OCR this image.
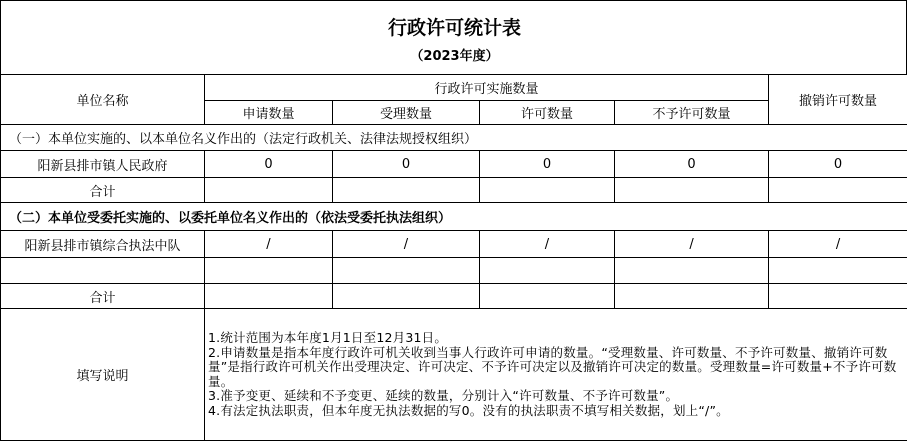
行政许可统计表
（2023年度）
单位名称	行政许可实施数量				撤销许可数量
	申请数量	受理数量	许可数量	不予许可数量	
（一）本单位实施的、以本单位名义作出的（法定行政机关、法律法规授权组织）					
阳新县排市镇人民政府	0	0	0	0	0
合计					
（二）本单位受委托实施的、以委托单位名义作出的（依法受委托执法组织）					
阳新县排市镇综合执法中队	/	/	/	/	/

合计					
填写说明	1.统计范围为本年度1月1日至12月31日。
2.申请数量是指本年度行政许可机关收到当事人行政许可申请的数量。“受理数量、许可数量、不予许可数量、撤销许可数量”是指行政许可机关作出受理决定、许可决定、不予许可决定以及撤销许可决定的数量。受理数量=许可数量+不予许可数量。
3.准予变更、延续和不予变更、延续的数量，分别计入“许可数量、不予许可数量”。
4.有法定执法职责，但本年度无执法数据的写0。没有的执法职责不填写相关数据，划上“/”。				
